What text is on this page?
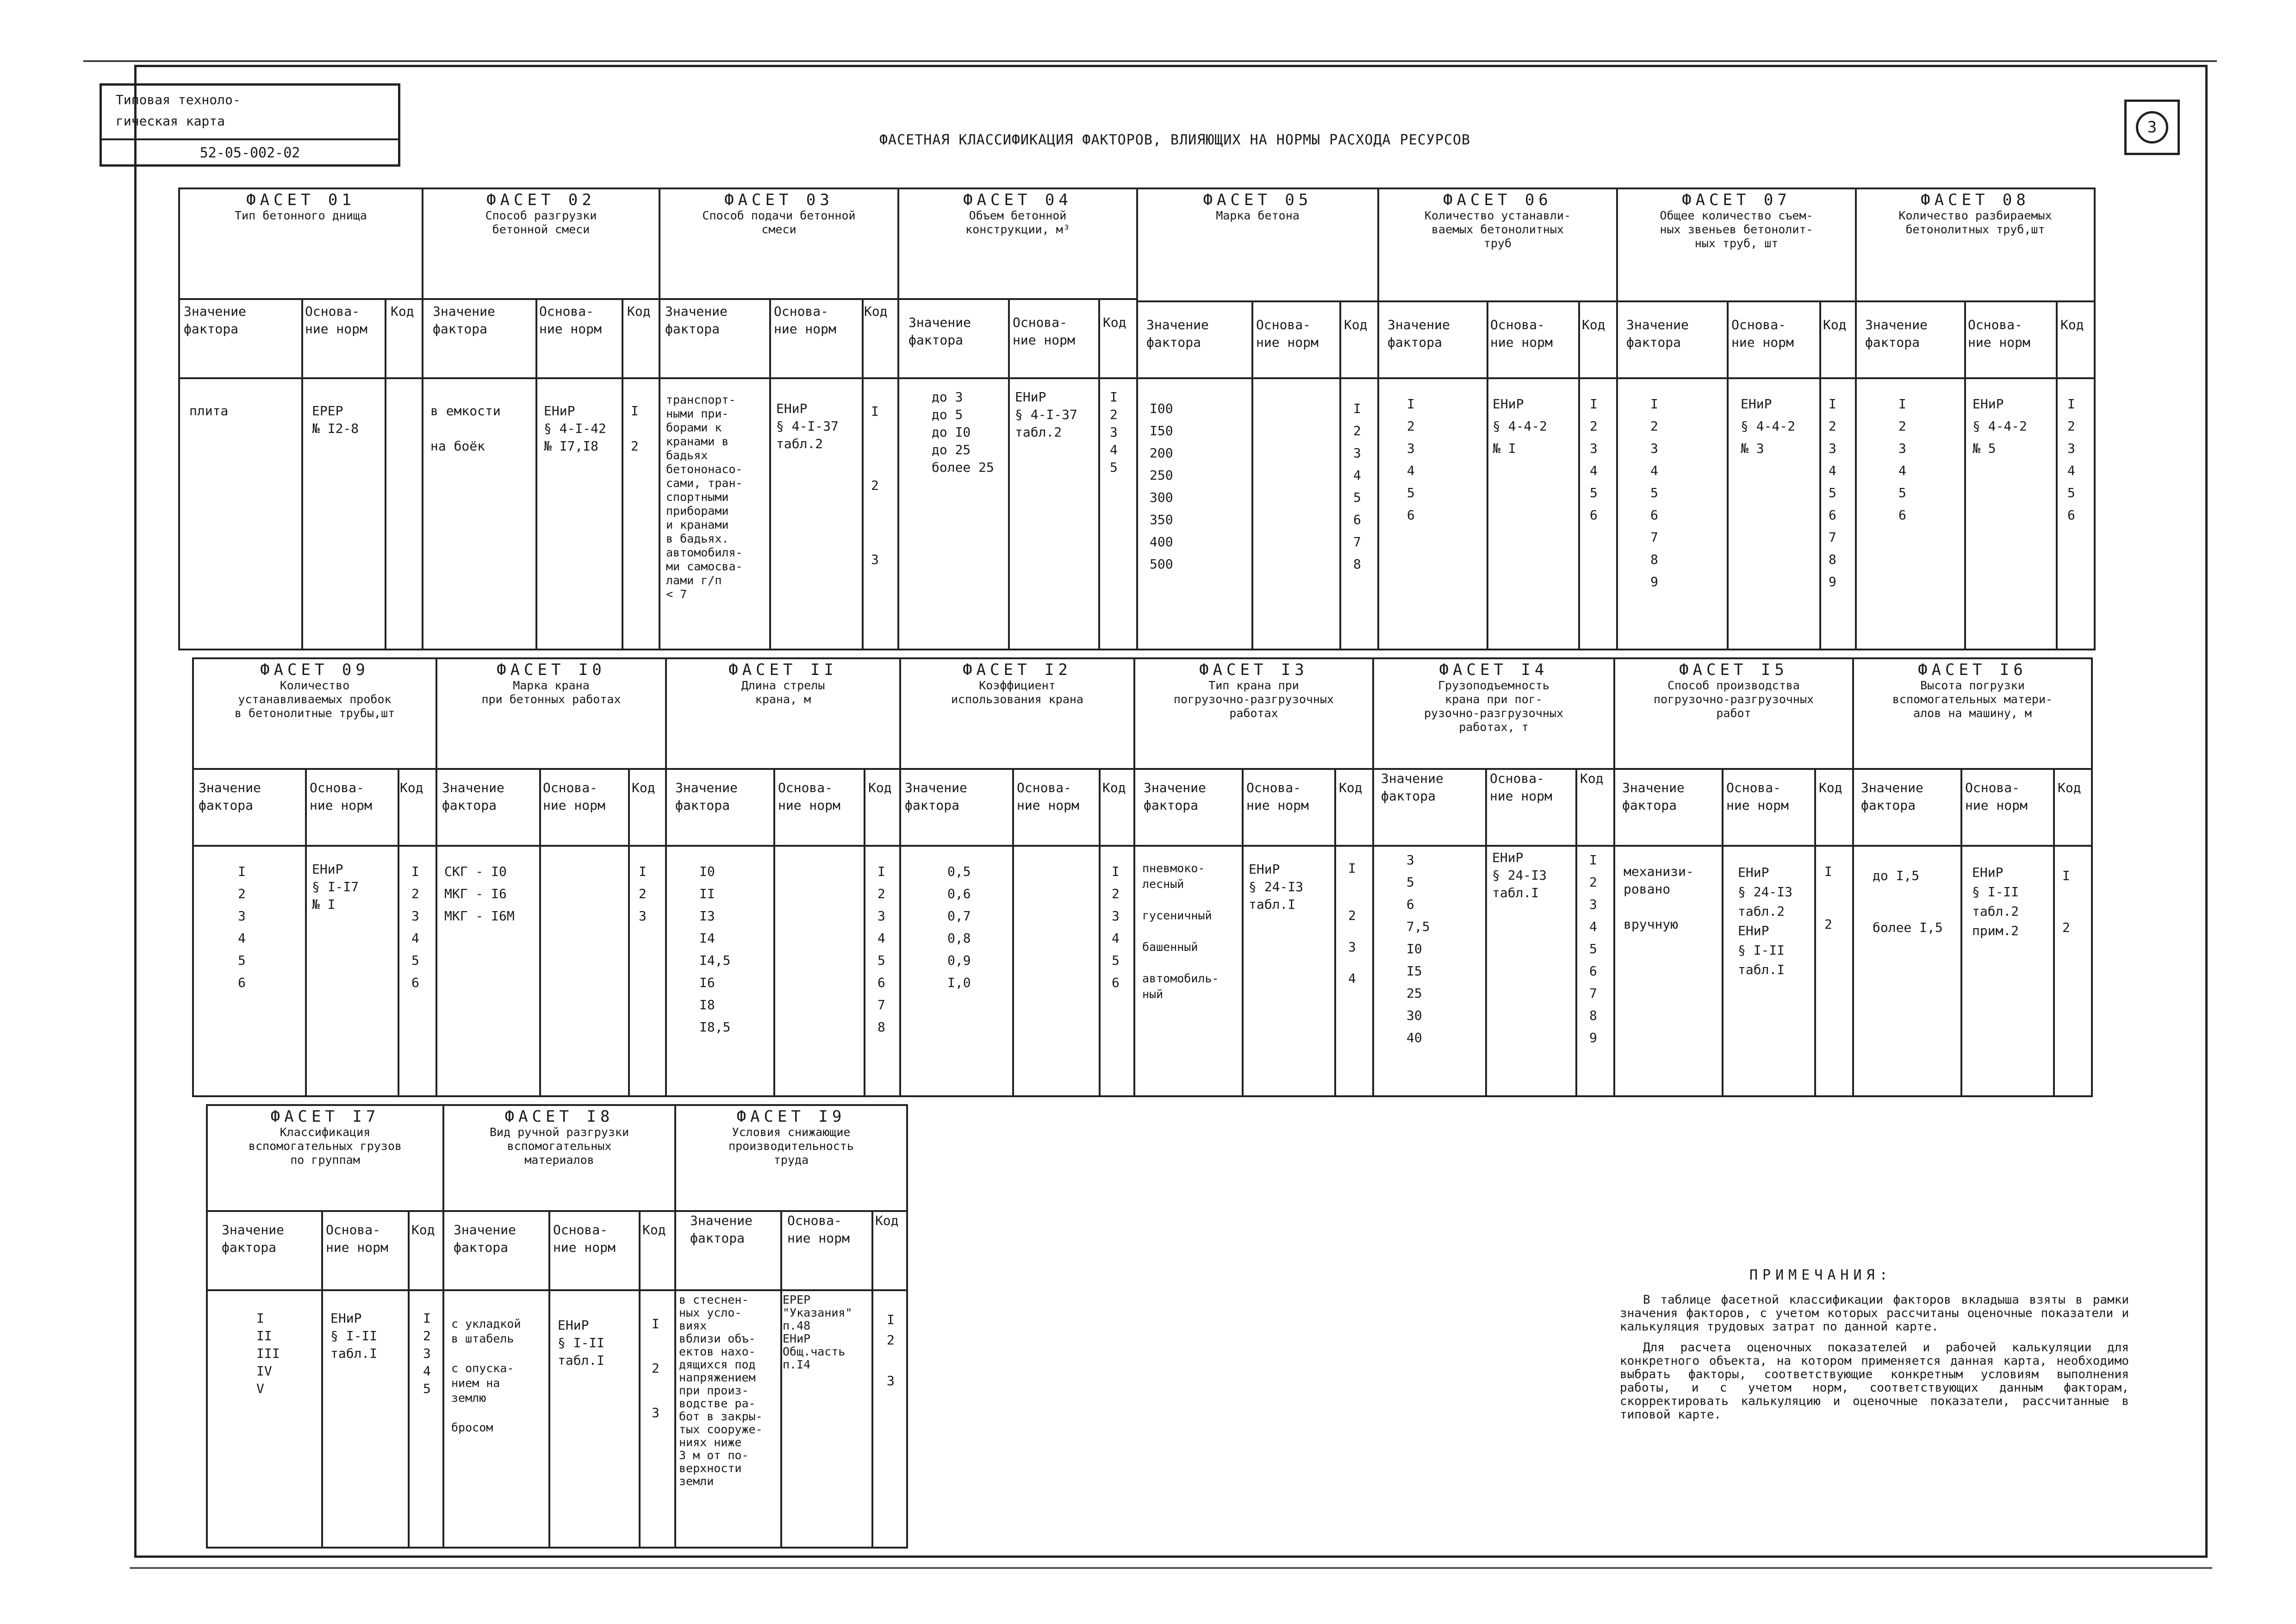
Типовая техноло-
гическая карта
52-05-002-02
ФАСЕТНАЯ КЛАССИФИКАЦИЯ ФАКТОРОВ, ВЛИЯЮЩИХ НА НОРМЫ РАСХОДА РЕСУРСОВ
3
ФАСЕТ 01
Тип бетонного днища
Значение
фактора
Основа-
ние норм
Код
плита	ЕРЕР
№ I2-8
ФАСЕТ 02
Способ разгрузки
бетонной смеси
Значение
фактора
Основа-
ние норм
Код
в емкости

на боёк
ЕНиР
§ 4-I-42
№ I7,I8
I

2
ФАСЕТ 03
Способ подачи бетонной
смеси
Значение
фактора
Основа-
ние норм
Код
транспорт-
ными при-
борами к
кранами в
бадьях
бетононасо-
сами, тран-
спортными
приборами
и кранами
в бадьях.
автомобиля-
ми самосва-
лами г/п
< 7
ЕНиР
§ 4-I-37
табл.2
I

2

3
ФАСЕТ 04
Объем бетонной
конструкции, м³
Значение
фактора
Основа-
ние норм
Код
до 3
до 5
до I0
до 25
более 25
ЕНиР
§ 4-I-37
табл.2
I
2
3
4
5
ФАСЕТ 05
Марка бетона
Значение
фактора
Основа-
ние норм
Код
I00
I50
200
250
300
350
400
500
I
2
3
4
5
6
7
8
ФАСЕТ 06
Количество устанавли-
ваемых бетонолитных
труб
Значение
фактора
Основа-
ние норм
Код
I
2
3
4
5
6
ЕНиР
§ 4-4-2
№ I
I
2
3
4
5
6
ФАСЕТ 07
Общее количество съем-
ных звеньев бетонолит-
ных труб, шт
Значение
фактора
Основа-
ние норм
Код
I
2
3
4
5
6
7
8
9
ЕНиР
§ 4-4-2
№ 3
I
2
3
4
5
6
7
8
9
ФАСЕТ 08
Количество разбираемых
бетонолитных труб,шт
Значение
фактора
Основа-
ние норм
Код
I
2
3
4
5
6
ЕНиР
§ 4-4-2
№ 5
I
2
3
4
5
6
ФАСЕТ 09
Количество
устанавливаемых пробок
в бетонолитные трубы,шт
Значение
фактора
Основа-
ние норм
Код
I
2
3
4
5
6
ЕНиР
§ I-I7
№ I
I
2
3
4
5
6
ФАСЕТ I0
Марка крана
при бетонных работах
Значение
фактора
Основа-
ние норм
Код
СКГ - I0
МКГ - I6
МКГ - I6М
I
2
3
ФАСЕТ II
Длина стрелы
крана, м
Значение
фактора
Основа-
ние норм
Код
I0
II
I3
I4
I4,5
I6
I8
I8,5
I
2
3
4
5
6
7
8
ФАСЕТ I2
Коэффициент
использования крана
Значение
фактора
Основа-
ние норм
Код
0,5
0,6
0,7
0,8
0,9
I,0
I
2
3
4
5
6
ФАСЕТ I3
Тип крана при
погрузочно-разгрузочных
работах
Значение
фактора
Основа-
ние норм
Код
пневмоко-
лесный

гусеничный

башенный

автомобиль-
ный
ЕНиР
§ 24-I3
табл.I
I

2

3

4
ФАСЕТ I4
Грузоподъемность
крана при пог-
рузочно-разгрузочных
работах, т
Значение
фактора
Основа-
ние норм
Код
3
5
6
7,5
I0
I5
25
30
40
ЕНиР
§ 24-I3
табл.I
I
2
3
4
5
6
7
8
9
ФАСЕТ I5
Способ производства
погрузочно-разгрузочных
работ
Значение
фактора
Основа-
ние норм
Код
механизи-
ровано

вручную
ЕНиР
§ 24-I3
табл.2
ЕНиР
§ I-II
табл.I
I

2
ФАСЕТ I6
Высота погрузки
вспомогательных матери-
алов на машину, м
Значение
фактора
Основа-
ние норм
Код
до I,5

более I,5
ЕНиР
§ I-II
табл.2
прим.2
I

2
ФАСЕТ I7
Классификация
вспомогательных грузов
по группам
Значение
фактора
Основа-
ние норм
Код
I
II
III
IV
V
ЕНиР
§ I-II
табл.I
I
2
3
4
5
ФАСЕТ I8
Вид ручной разгрузки
вспомогательных
материалов
Значение
фактора
Основа-
ние норм
Код
с укладкой
в штабель

с опуска-
нием на
землю

бросом
ЕНиР
§ I-II
табл.I
I

2

3
ФАСЕТ I9
Условия снижающие
производительность
труда
Значение
фактора
Основа-
ние норм
Код
в стеснен-
ных усло-
виях
вблизи объ-
ектов нахо-
дящихся под
напряжением
при произ-
водстве ра-
бот в закры-
тых сооруже-
ниях ниже
3 м от по-
верхности
земли
ЕРЕР
"Указания"
п.48
ЕНиР
Общ.часть
п.I4
I
2

3
ПРИМЕЧАНИЯ:

В таблице фасетной классификации факторов вкладыша взяты в рамки значения факторов, с учетом которых рассчитаны оценочные показатели и калькуляция трудовых затрат по данной карте.

Для расчета оценочных показателей и рабочей калькуляции для конкретного объекта, на котором применяется данная карта, необходимо выбрать факторы, соответствующие конкретным условиям выполнения работы, и с учетом норм, соответствующих данным факторам, скорректировать калькуляцию и оценочные показатели, рассчитанные в типовой карте.
